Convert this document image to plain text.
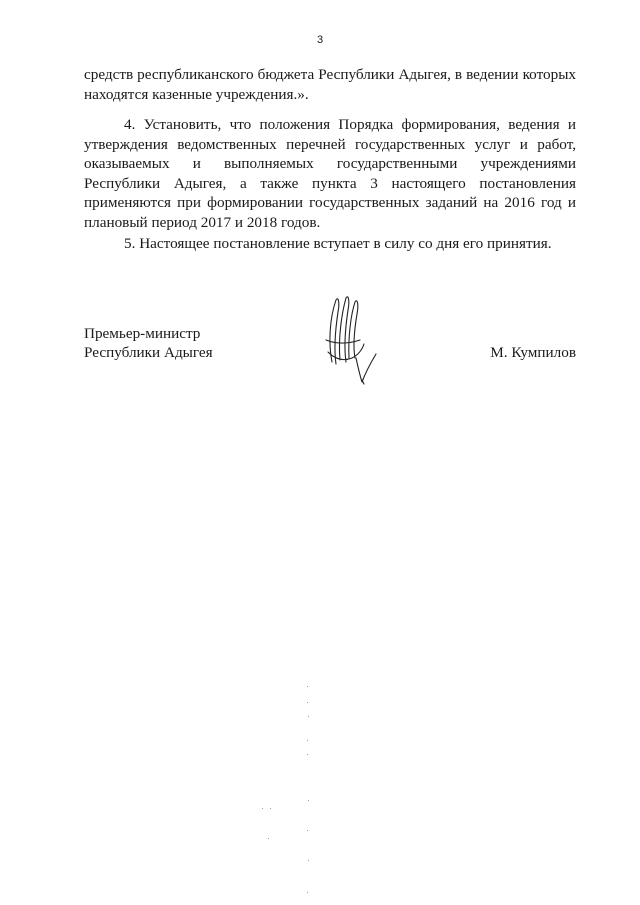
3

средств республиканского бюджета Республики Адыгея, в ведении которых находятся казенные учреждения.».

4. Установить, что положения Порядка формирования, ведения и утверждения ведомственных перечней государственных услуг и работ, оказываемых и выполняемых государственными учреждениями Республики Адыгея, а также пункта 3 настоящего постановления применяются при формировании государственных заданий на 2016 год и плановый период 2017 и 2018 годов.

5. Настоящее постановление вступает в силу со дня его принятия.

Премьер-министр
Республики Адыгея	М. Кумпилов
